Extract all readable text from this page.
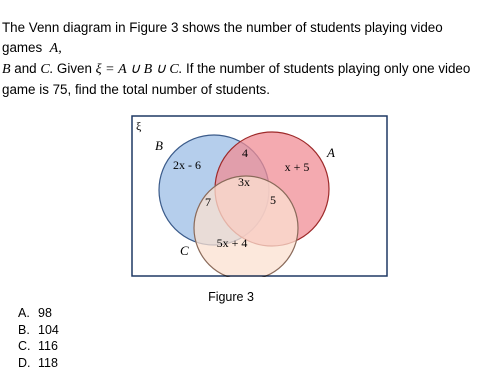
The Venn diagram in Figure 3 shows the number of students playing video games A,
B and C. Given ξ = A ∪ B ∪ C. If the number of students playing only one video game is 75, find the total number of students.

ξ
B	A
C
2x - 6	x + 5
5x + 4
4
7	5
3x
Figure 3
A. 98
B. 104
C. 116
D. 118
